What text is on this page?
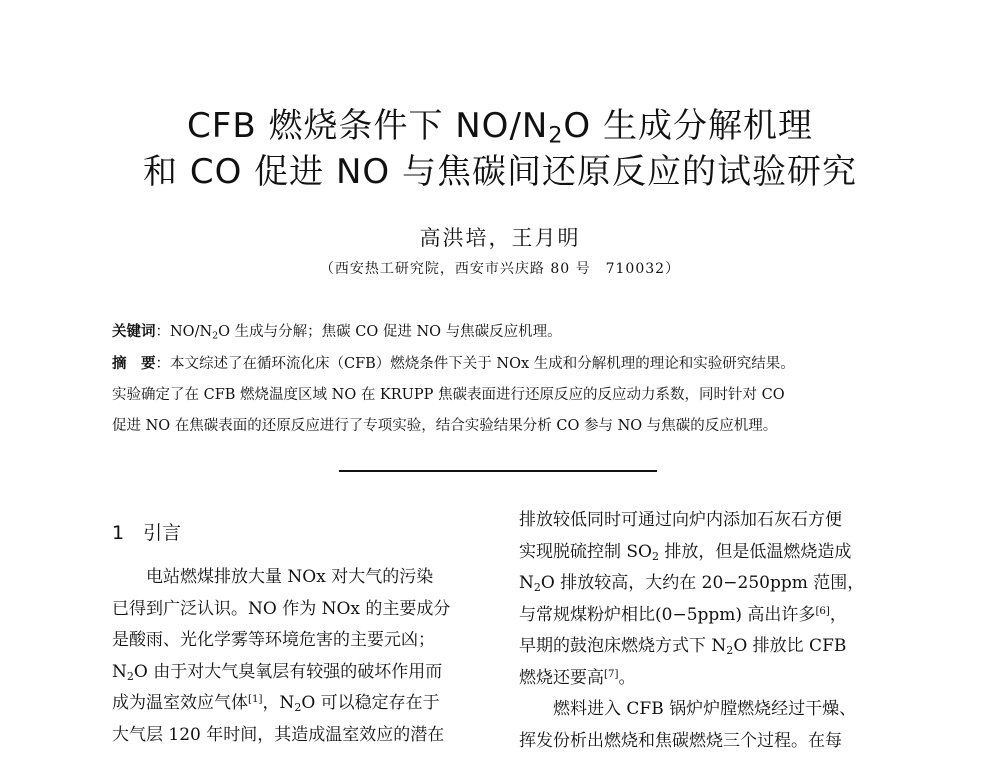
CFB 燃烧条件下 $NO/N_2O$ 生成分解机理
和 CO 促进 NO 与焦碳间还原反应的试验研究
高洪培，王月明
（西安热工研究院，西安市兴庆路 80 号　710032）
关键词：$NO/N_2O$ 生成与分解；焦碳 CO 促进 NO 与焦碳反应机理。
摘　要：本文综述了在循环流化床（CFB）燃烧条件下关于 NOx 生成和分解机理的理论和实验研究结果。
实验确定了在 CFB 燃烧温度区域 NO 在 KRUPP 焦碳表面进行还原反应的反应动力系数，同时针对 CO
促进 NO 在焦碳表面的还原反应进行了专项实验，结合实验结果分析 CO 参与 NO 与焦碳的反应机理。
1　引言
电站燃煤排放大量 NOx 对大气的污染
已得到广泛认识。NO 作为 NOx 的主要成分
是酸雨、光化学雾等环境危害的主要元凶；
$N_2O$ 由于对大气臭氧层有较强的破坏作用而
成为温室效应气体[1]，$N_2O$ 可以稳定存在于
大气层 120 年时间，其造成温室效应的潜在
排放较低同时可通过向炉内添加石灰石方便
实现脱硫控制 $SO_2$ 排放，但是低温燃烧造成
$N_2O$ 排放较高，大约在 20−250ppm 范围，
与常规煤粉炉相比(0−5ppm) 高出许多[6]，
早期的鼓泡床燃烧方式下 $N_2O$ 排放比 CFB
燃烧还要高[7]。
燃料进入 CFB 锅炉炉膛燃烧经过干燥、
挥发份析出燃烧和焦碳燃烧三个过程。在每
